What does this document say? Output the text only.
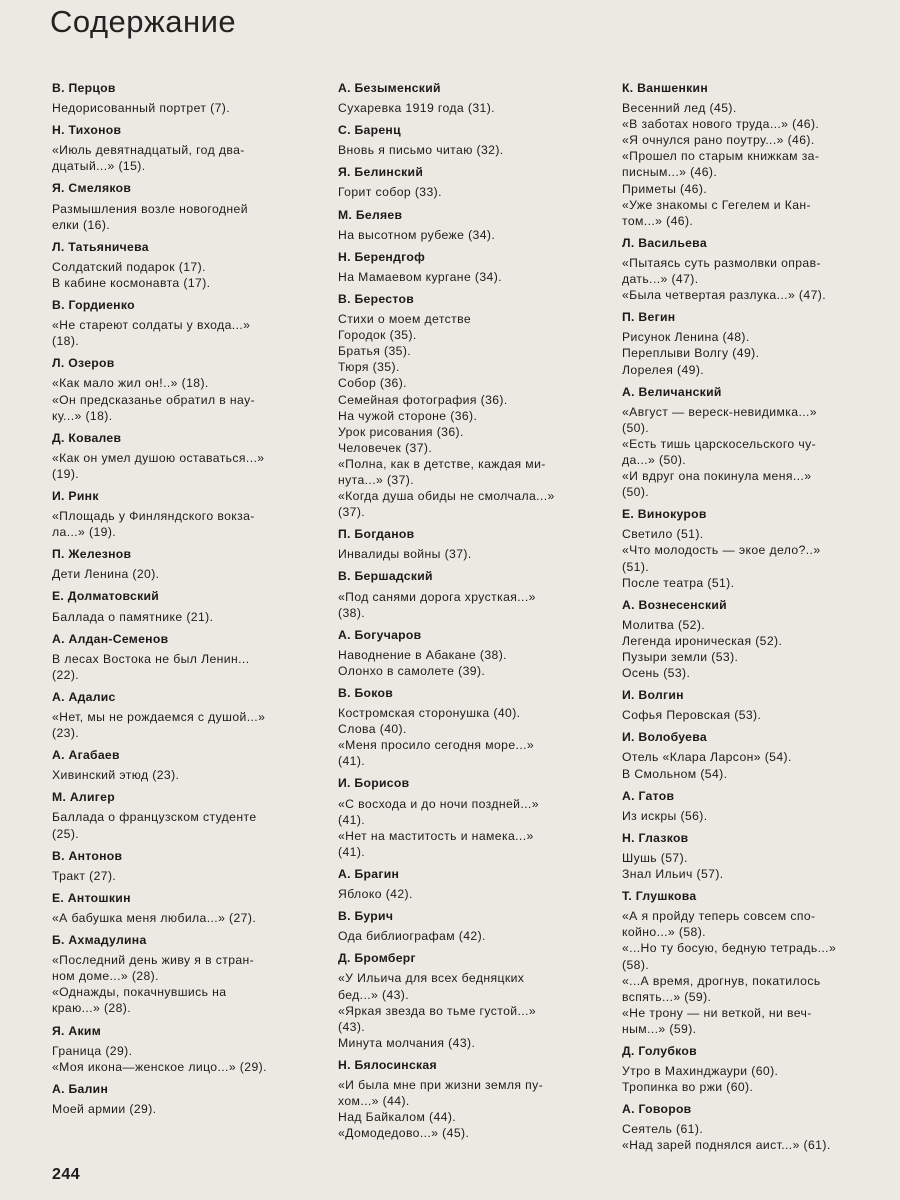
Содержание
В. Перцов
Недорисованный портрет (7).
Н. Тихонов
«Июль девятнадцатый, год два-
дцатый...» (15).
Я. Смеляков
Размышления возле новогодней
елки (16).
Л. Татьяничева
Солдатский подарок (17).
В кабине космонавта (17).
В. Гордиенко
«Не стареют солдаты у входа...»
(18).
Л. Озеров
«Как мало жил он!..» (18).
«Он предсказанье обратил в нау-
ку...» (18).
Д. Ковалев
«Как он умел душою оставаться...»
(19).
И. Ринк
«Площадь у Финляндского вокза-
ла...» (19).
П. Железнов
Дети Ленина (20).
Е. Долматовский
Баллада о памятнике (21).
А. Алдан-Семенов
В лесах Востока не был Ленин...
(22).
А. Адалис
«Нет, мы не рождаемся с душой...»
(23).
А. Агабаев
Хивинский этюд (23).
М. Алигер
Баллада о французском студенте
(25).
В. Антонов
Тракт (27).
Е. Антошкин
«А бабушка меня любила...» (27).
Б. Ахмадулина
«Последний день живу я в стран-
ном доме...» (28).
«Однажды, покачнувшись на
краю...» (28).
Я. Аким
Граница (29).
«Моя икона—женское лицо...» (29).
А. Балин
Моей армии (29).
А. Безыменский
Сухаревка 1919 года (31).
С. Баренц
Вновь я письмо читаю (32).
Я. Белинский
Горит собор (33).
М. Беляев
На высотном рубеже (34).
Н. Берендгоф
На Мамаевом кургане (34).
В. Берестов
Стихи о моем детстве
Городок (35).
Братья (35).
Тюря (35).
Собор (36).
Семейная фотография (36).
На чужой стороне (36).
Урок рисования (36).
Человечек (37).
«Полна, как в детстве, каждая ми-
нута...» (37).
«Когда душа обиды не смолчала...»
(37).
П. Богданов
Инвалиды войны (37).
В. Бершадский
«Под санями дорога хрусткая...»
(38).
А. Богучаров
Наводнение в Абакане (38).
Олонхо в самолете (39).
В. Боков
Костромская сторонушка (40).
Слова (40).
«Меня просило сегодня море...»
(41).
И. Борисов
«С восхода и до ночи поздней...»
(41).
«Нет на маститость и намека...»
(41).
А. Брагин
Яблоко (42).
В. Бурич
Ода библиографам (42).
Д. Бромберг
«У Ильича для всех бедняцких
бед...» (43).
«Яркая звезда во тьме густой...»
(43).
Минута молчания (43).
Н. Бялосинская
«И была мне при жизни земля пу-
хом...» (44).
Над Байкалом (44).
«Домодедово...» (45).
К. Ваншенкин
Весенний лед (45).
«В заботах нового труда...» (46).
«Я очнулся рано поутру...» (46).
«Прошел по старым книжкам за-
писным...» (46).
Приметы (46).
«Уже знакомы с Гегелем и Кан-
том...» (46).
Л. Васильева
«Пытаясь суть размолвки оправ-
дать...» (47).
«Была четвертая разлука...» (47).
П. Вегин
Рисунок Ленина (48).
Переплыви Волгу (49).
Лорелея (49).
А. Величанский
«Август — вереск-невидимка...»
(50).
«Есть тишь царскосельского чу-
да...» (50).
«И вдруг она покинула меня...»
(50).
Е. Винокуров
Светило (51).
«Что молодость — экое дело?..»
(51).
После театра (51).
А. Вознесенский
Молитва (52).
Легенда ироническая (52).
Пузыри земли (53).
Осень (53).
И. Волгин
Софья Перовская (53).
И. Волобуева
Отель «Клара Ларсон» (54).
В Смольном (54).
А. Гатов
Из искры (56).
Н. Глазков
Шушь (57).
Знал Ильич (57).
Т. Глушкова
«А я пройду теперь совсем спо-
койно...» (58).
«...Но ту босую, бедную тетрадь...»
(58).
«...А время, дрогнув, покатилось
вспять...» (59).
«Не трону — ни веткой, ни веч-
ным...» (59).
Д. Голубков
Утро в Махинджаури (60).
Тропинка во ржи (60).
А. Говоров
Сеятель (61).
«Над зарей поднялся аист...» (61).
244
